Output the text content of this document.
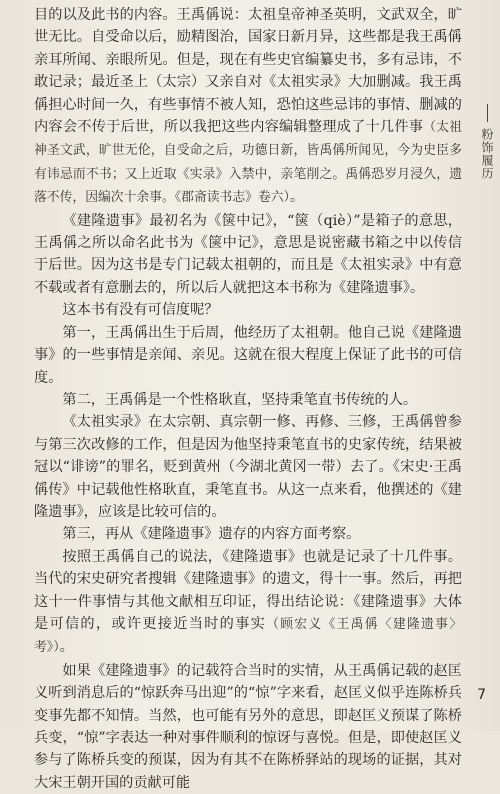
目的以及此书的内容。王禹偁说：太祖皇帝神圣英明，文武双全，旷世无比。自受命以后，励精图治，国家日新月异，这些都是我王禹偁亲耳所闻、亲眼所见。但是，现在有些史官编纂史书，多有忌讳，不敢记录；最近圣上（太宗）又亲自对《太祖实录》大加删减。我王禹偁担心时间一久，有些事情不被人知，恐怕这些忌讳的事情、删减的内容会不传于后世，所以我把这些内容编辑整理成了十几件事（太祖神圣文武，旷世无伦，自受命之后，功德日新，皆禹偁所闻见，今为史臣多有讳忌而不书；又上近取《实录》入禁中，亲笔削之。禹偁恐岁月浸久，遗落不传，因编次十余事。《郡斋读书志》卷六）。

《建隆遗事》最初名为《箧中记》，“箧（qiè）”是箱子的意思，王禹偁之所以命名此书为《箧中记》，意思是说密藏书箱之中以传信于后世。因为这书是专门记载太祖朝的，而且是《太祖实录》中有意不载或者有意删去的，所以后人就把这本书称为《建隆遗事》。

这本书有没有可信度呢？

第一，王禹偁出生于后周，他经历了太祖朝。他自己说《建隆遗事》的一些事情是亲闻、亲见。这就在很大程度上保证了此书的可信度。

第二，王禹偁是一个性格耿直，坚持秉笔直书传统的人。

《太祖实录》在太宗朝、真宗朝一修、再修、三修，王禹偁曾参与第三次改修的工作，但是因为他坚持秉笔直书的史家传统，结果被冠以“诽谤”的罪名，贬到黄州（今湖北黄冈一带）去了。《宋史·王禹偁传》中记载他性格耿直，秉笔直书。从这一点来看，他撰述的《建隆遗事》，应该是比较可信的。

第三，再从《建隆遗事》遗存的内容方面考察。

按照王禹偁自己的说法，《建隆遗事》也就是记录了十几件事。当代的宋史研究者搜辑《建隆遗事》的遗文，得十一事。然后，再把这十一件事情与其他文献相互印证，得出结论说：《建隆遗事》大体是可信的，或许更接近当时的事实（顾宏义《王禹偁〈建隆遗事〉考》）。

如果《建隆遗事》的记载符合当时的实情，从王禹偁记载的赵匡义听到消息后的“惊跃奔马出迎”的“惊”字来看，赵匡义似乎连陈桥兵变事先都不知情。当然，也可能有另外的意思，即赵匡义预谋了陈桥兵变，“惊”字表达一种对事件顺利的惊讶与喜悦。但是，即使赵匡义参与了陈桥兵变的预谋，因为有其不在陈桥驿站的现场的证据，其对大宋王朝开国的贡献可能

粉饰履历
7
